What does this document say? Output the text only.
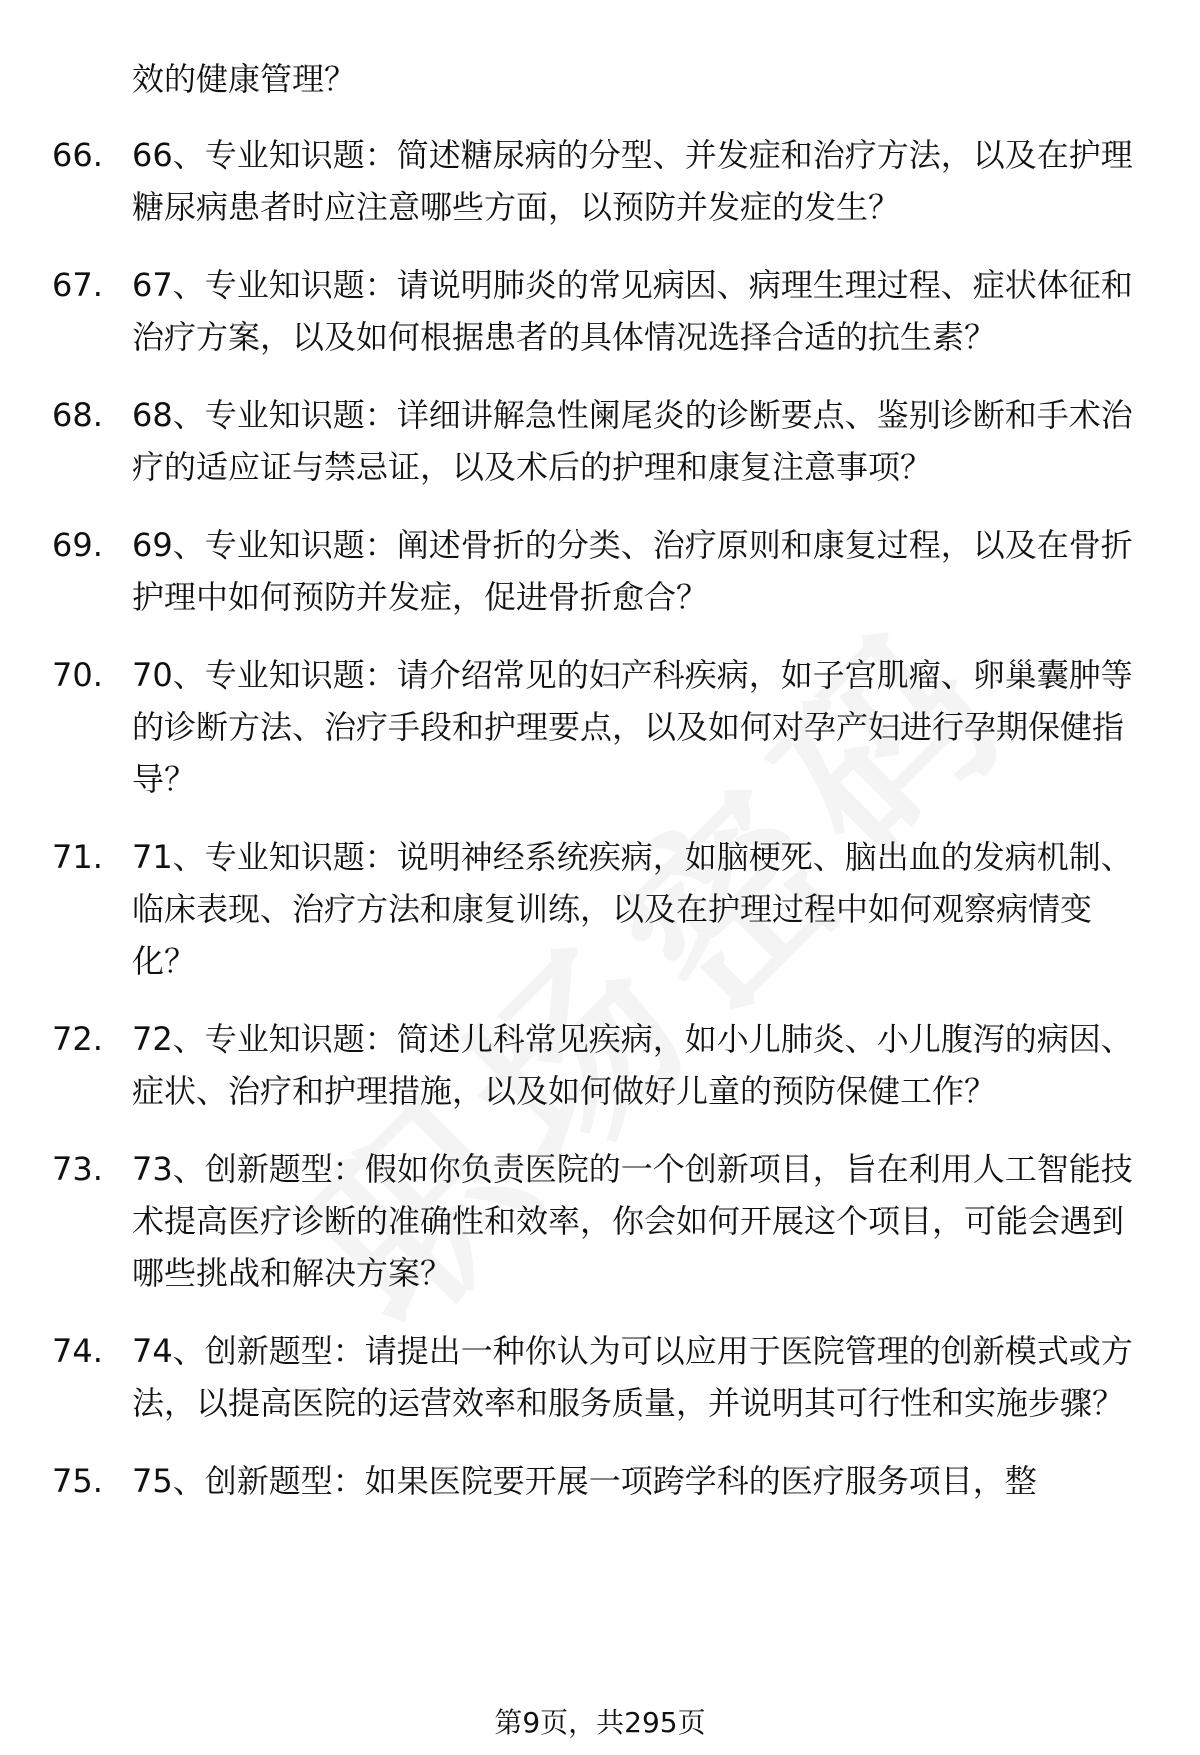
效的健康管理？
66. 66、专业知识题：简述糖尿病的分型、并发症和治疗方法，以及在护理糖尿病患者时应注意哪些方面，以预防并发症的发生？
67. 67、专业知识题：请说明肺炎的常见病因、病理生理过程、症状体征和治疗方案，以及如何根据患者的具体情况选择合适的抗生素？
68. 68、专业知识题：详细讲解急性阑尾炎的诊断要点、鉴别诊断和手术治疗的适应证与禁忌证，以及术后的护理和康复注意事项？
69. 69、专业知识题：阐述骨折的分类、治疗原则和康复过程，以及在骨折护理中如何预防并发症，促进骨折愈合？
70. 70、专业知识题：请介绍常见的妇产科疾病，如子宫肌瘤、卵巢囊肿等的诊断方法、治疗手段和护理要点，以及如何对孕产妇进行孕期保健指导？
71. 71、专业知识题：说明神经系统疾病，如脑梗死、脑出血的发病机制、临床表现、治疗方法和康复训练，以及在护理过程中如何观察病情变化？
72. 72、专业知识题：简述儿科常见疾病，如小儿肺炎、小儿腹泻的病因、症状、治疗和护理措施，以及如何做好儿童的预防保健工作？
73. 73、创新题型：假如你负责医院的一个创新项目，旨在利用人工智能技术提高医疗诊断的准确性和效率，你会如何开展这个项目，可能会遇到哪些挑战和解决方案？
74. 74、创新题型：请提出一种你认为可以应用于医院管理的创新模式或方法，以提高医院的运营效率和服务质量，并说明其可行性和实施步骤？
75. 75、创新题型：如果医院要开展一项跨学科的医疗服务项目，整
第9页，共295页
